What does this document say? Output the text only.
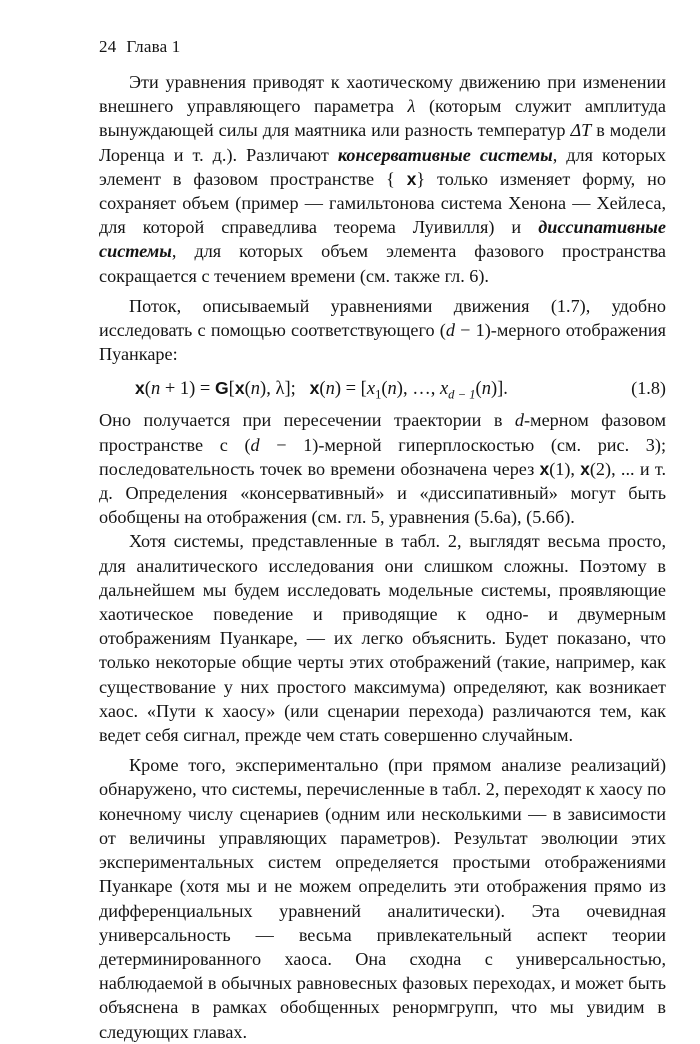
24 Глава 1

Эти уравнения приводят к хаотическому движению при изменении внешнего управляющего параметра λ (которым служит амплитуда вынуждающей силы для маятника или разность температур ΔT в модели Лоренца и т. д.). Различают консервативные системы, для которых элемент в фазовом пространстве { x} только изменяет форму, но сохраняет объем (пример — гамильтонова система Хенона — Хейлеса, для которой справедлива теорема Луивилля) и диссипативные системы, для которых объем элемента фазового пространства сокращается с течением времени (см. также гл. 6).

Поток, описываемый уравнениями движения (1.7), удобно исследовать с помощью соответствующего (d − 1)-мерного отображения Пуанкаре:

x(n + 1) = G[x(n), λ];   $x(n) = [x_1(n)$, …, $x_{d - 1}(n)$].	(1.8)

Оно получается при пересечении траектории в d-мерном фазовом пространстве с (d − 1)-мерной гиперплоскостью (см. рис. 3); последовательность точек во времени обозначена через x(1), x(2), ... и т. д. Определения «консервативный» и «диссипативный» могут быть обобщены на отображения (см. гл. 5, уравнения (5.6а), (5.6б).

Хотя системы, представленные в табл. 2, выглядят весьма просто, для аналитического исследования они слишком сложны. Поэтому в дальнейшем мы будем исследовать модельные системы, проявляющие хаотическое поведение и приводящие к одно- и двумерным отображениям Пуанкаре, — их легко объяснить. Будет показано, что только некоторые общие черты этих отображений (такие, например, как существование у них простого максимума) определяют, как возникает хаос. «Пути к хаосу» (или сценарии перехода) различаются тем, как ведет себя сигнал, прежде чем стать совершенно случайным.

Кроме того, экспериментально (при прямом анализе реализаций) обнаружено, что системы, перечисленные в табл. 2, переходят к хаосу по конечному числу сценариев (одним или несколькими — в зависимости от величины управляющих параметров). Результат эволюции этих экспериментальных систем определяется простыми отображениями Пуанкаре (хотя мы и не можем определить эти отображения прямо из дифференциальных уравнений аналитически). Эта очевидная универсальность — весьма привлекательный аспект теории детерминированного хаоса. Она сходна с универсальностью, наблюдаемой в обычных равновесных фазовых переходах, и может быть объяснена в рамках обобщенных ренормгрупп, что мы увидим в следующих главах.
